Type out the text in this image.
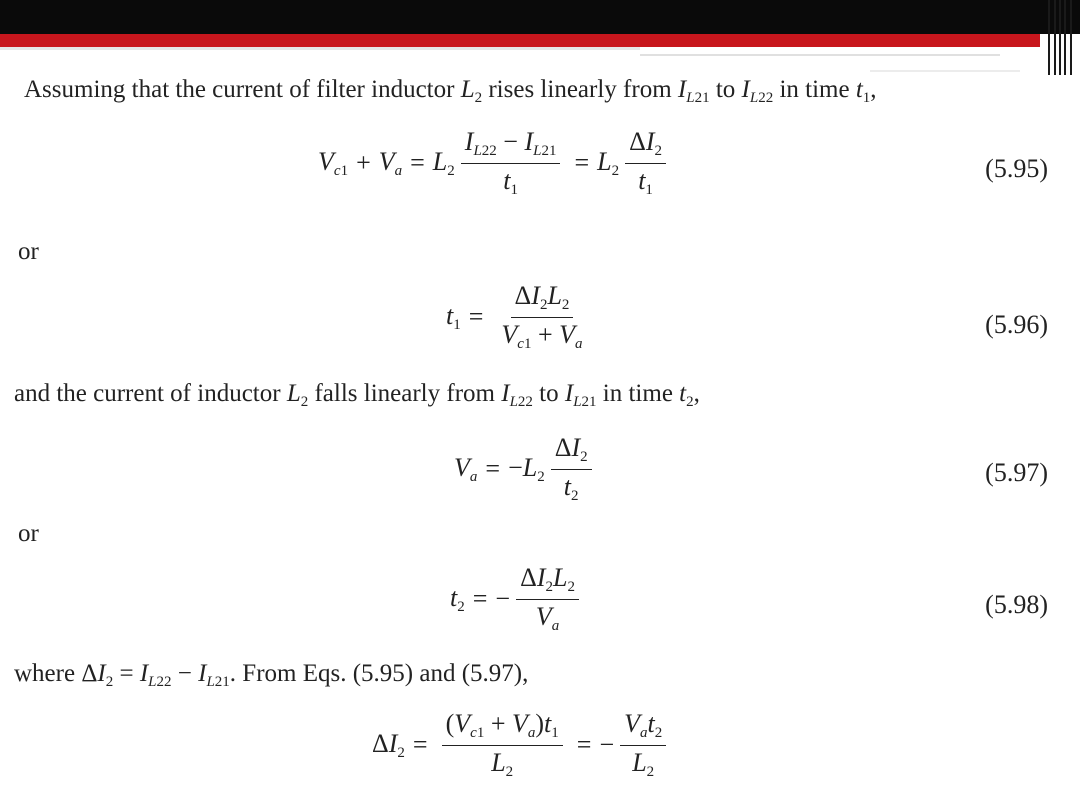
Assuming that the current of filter inductor $L_2$ rises linearly from $I_{L21}$ to $I_{L22}$ in time $t_1$,
$V_{c1} + V_a = L_2 \frac{I_{L22} - I_{L21}}{t_1} = L_2 \frac{\Delta I_2}{t_1}$	(5.95)
or
$t_1 = \frac{\Delta I_2L_2}{V_{c1} + V_a}$	(5.96)
and the current of inductor $L_2$ falls linearly from $I_{L22}$ to $I_{L21}$ in time $t_2$,
$V_a = -L_2 \frac{\Delta I_2}{t_2}$	(5.97)
or
$t_2$ = − $\frac{\Delta I_2L_2}{V_a}$	(5.98)
where $\Delta I_2 = I_{L22} - I_{L21}$. From Eqs. (5.95) and (5.97),
$\Delta I_2 = \frac{(V_{c1} + V_a)t_1}{L_2}$ = − $\frac{V_at_2}{L_2}$
